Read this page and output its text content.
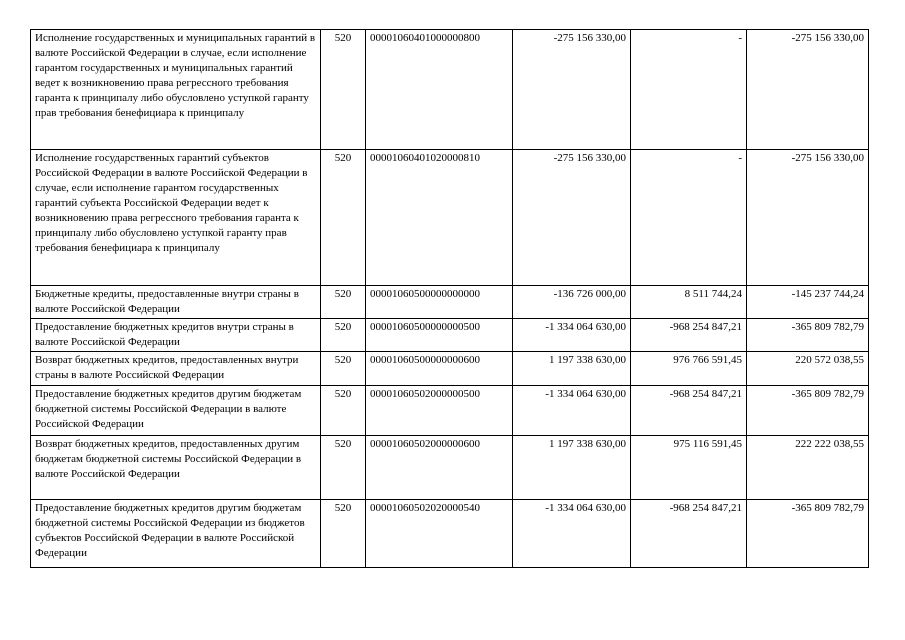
Исполнение государственных и муниципальных гарантий в валюте Российской Федерации в случае, если исполнение гарантом государственных и муниципальных гарантий ведет к возникновению права регрессного требования гаранта к принципалу либо обусловлено уступкой гаранту прав требования бенефициара к принципалу	520	00001060401000000800	-275 156 330,00	-	-275 156 330,00
Исполнение государственных гарантий субъектов Российской Федерации в валюте Российской Федерации в случае, если исполнение гарантом государственных гарантий субъекта Российской Федерации ведет к возникновению права регрессного требования гаранта к принципалу либо обусловлено уступкой гаранту прав требования бенефициара к принципалу	520	00001060401020000810	-275 156 330,00	-	-275 156 330,00
Бюджетные кредиты, предоставленные внутри страны в валюте Российской Федерации	520	00001060500000000000	-136 726 000,00	8 511 744,24	-145 237 744,24
Предоставление бюджетных кредитов внутри страны в валюте Российской Федерации	520	00001060500000000500	-1 334 064 630,00	-968 254 847,21	-365 809 782,79
Возврат бюджетных кредитов, предоставленных внутри страны в валюте Российской Федерации	520	00001060500000000600	1 197 338 630,00	976 766 591,45	220 572 038,55
Предоставление бюджетных кредитов другим бюджетам бюджетной системы Российской Федерации в валюте Российской Федерации	520	00001060502000000500	-1 334 064 630,00	-968 254 847,21	-365 809 782,79
Возврат бюджетных кредитов, предоставленных другим бюджетам бюджетной системы Российской Федерации в валюте Российской Федерации	520	00001060502000000600	1 197 338 630,00	975 116 591,45	222 222 038,55
Предоставление бюджетных кредитов другим бюджетам бюджетной системы Российской Федерации из бюджетов субъектов Российской Федерации в валюте Российской Федерации	520	00001060502020000540	-1 334 064 630,00	-968 254 847,21	-365 809 782,79
